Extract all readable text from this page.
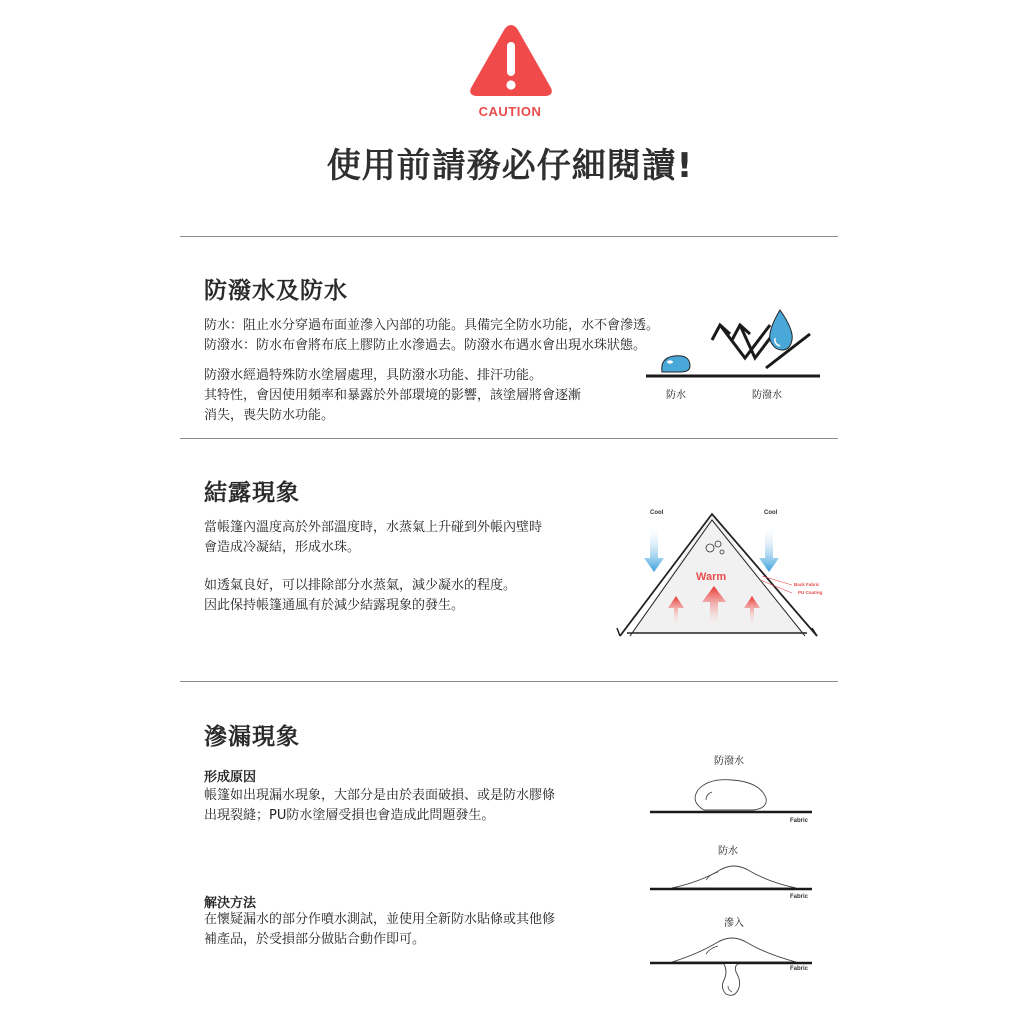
CAUTION
使用前請務必仔細閱讀!
防潑水及防水
防水：阻止水分穿過布面並滲入內部的功能。具備完全防水功能，水不會滲透。
防潑水：防水布會將布底上膠防止水滲過去。防潑水布遇水會出現水珠狀態。
防潑水經過特殊防水塗層處理，具防潑水功能、排汗功能。
其特性，會因使用頻率和暴露於外部環境的影響，該塗層將會逐漸
消失，喪失防水功能。
防水	防潑水
結露現象
當帳篷內溫度高於外部溫度時，水蒸氣上升碰到外帳內壁時
會造成冷凝結，形成水珠。
如透氣良好，可以排除部分水蒸氣，減少凝水的程度。
因此保持帳篷通風有於減少結露現象的發生。
Cool	Cool
Warm
Back Fabric
PU Coating
滲漏現象
形成原因
帳篷如出現漏水現象，大部分是由於表面破損、或是防水膠條
出現裂縫；PU防水塗層受損也會造成此問題發生。
解決方法
在懷疑漏水的部分作噴水測試，並使用全新防水貼條或其他修
補產品，於受損部分做貼合動作即可。
防潑水
Fabric
防水
Fabric
滲入
Fabric
